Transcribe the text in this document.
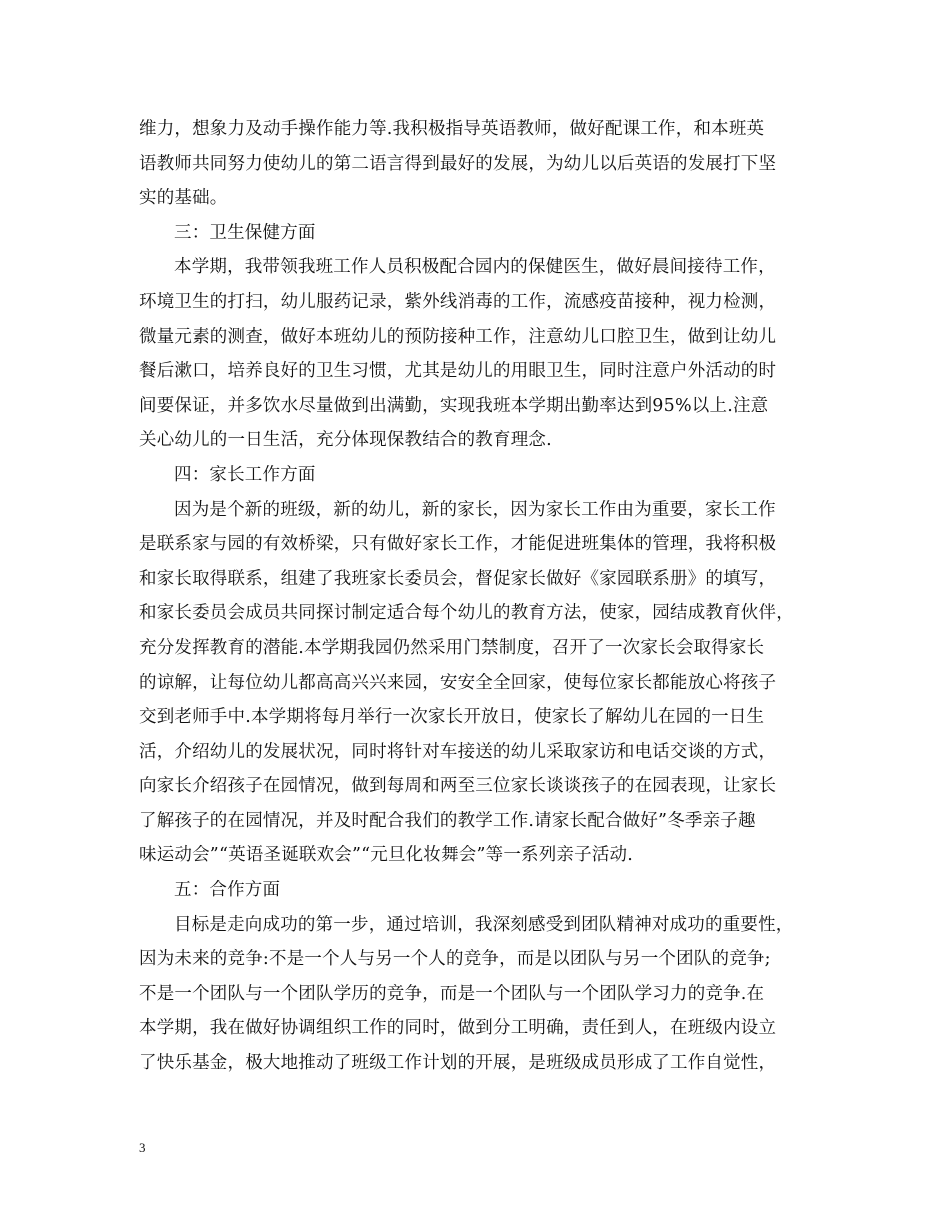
维力，想象力及动手操作能力等.我积极指导英语教师，做好配课工作，和本班英
语教师共同努力使幼儿的第二语言得到最好的发展，为幼儿以后英语的发展打下坚
实的基础。
三：卫生保健方面
本学期，我带领我班工作人员积极配合园内的保健医生，做好晨间接待工作，
环境卫生的打扫，幼儿服药记录，紫外线消毒的工作，流感疫苗接种，视力检测，
微量元素的测查，做好本班幼儿的预防接种工作，注意幼儿口腔卫生，做到让幼儿
餐后漱口，培养良好的卫生习惯，尤其是幼儿的用眼卫生，同时注意户外活动的时
间要保证，并多饮水尽量做到出满勤，实现我班本学期出勤率达到95%以上.注意
关心幼儿的一日生活，充分体现保教结合的教育理念.
四：家长工作方面
因为是个新的班级，新的幼儿，新的家长，因为家长工作由为重要，家长工作
是联系家与园的有效桥梁，只有做好家长工作，才能促进班集体的管理，我将积极
和家长取得联系，组建了我班家长委员会，督促家长做好《家园联系册》的填写，
和家长委员会成员共同探讨制定适合每个幼儿的教育方法，使家，园结成教育伙伴，
充分发挥教育的潜能.本学期我园仍然采用门禁制度，召开了一次家长会取得家长
的谅解，让每位幼儿都高高兴兴来园，安安全全回家，使每位家长都能放心将孩子
交到老师手中.本学期将每月举行一次家长开放日，使家长了解幼儿在园的一日生
活，介绍幼儿的发展状况，同时将针对车接送的幼儿采取家访和电话交谈的方式，
向家长介绍孩子在园情况，做到每周和两至三位家长谈谈孩子的在园表现，让家长
了解孩子的在园情况，并及时配合我们的教学工作.请家长配合做好”冬季亲子趣
味运动会”“英语圣诞联欢会”“元旦化妆舞会”等一系列亲子活动.
五：合作方面
目标是走向成功的第一步，通过培训，我深刻感受到团队精神对成功的重要性，
因为未来的竞争:不是一个人与另一个人的竞争，而是以团队与另一个团队的竞争;
不是一个团队与一个团队学历的竞争，而是一个团队与一个团队学习力的竞争.在
本学期，我在做好协调组织工作的同时，做到分工明确，责任到人，在班级内设立
了快乐基金，极大地推动了班级工作计划的开展，是班级成员形成了工作自觉性，
3
